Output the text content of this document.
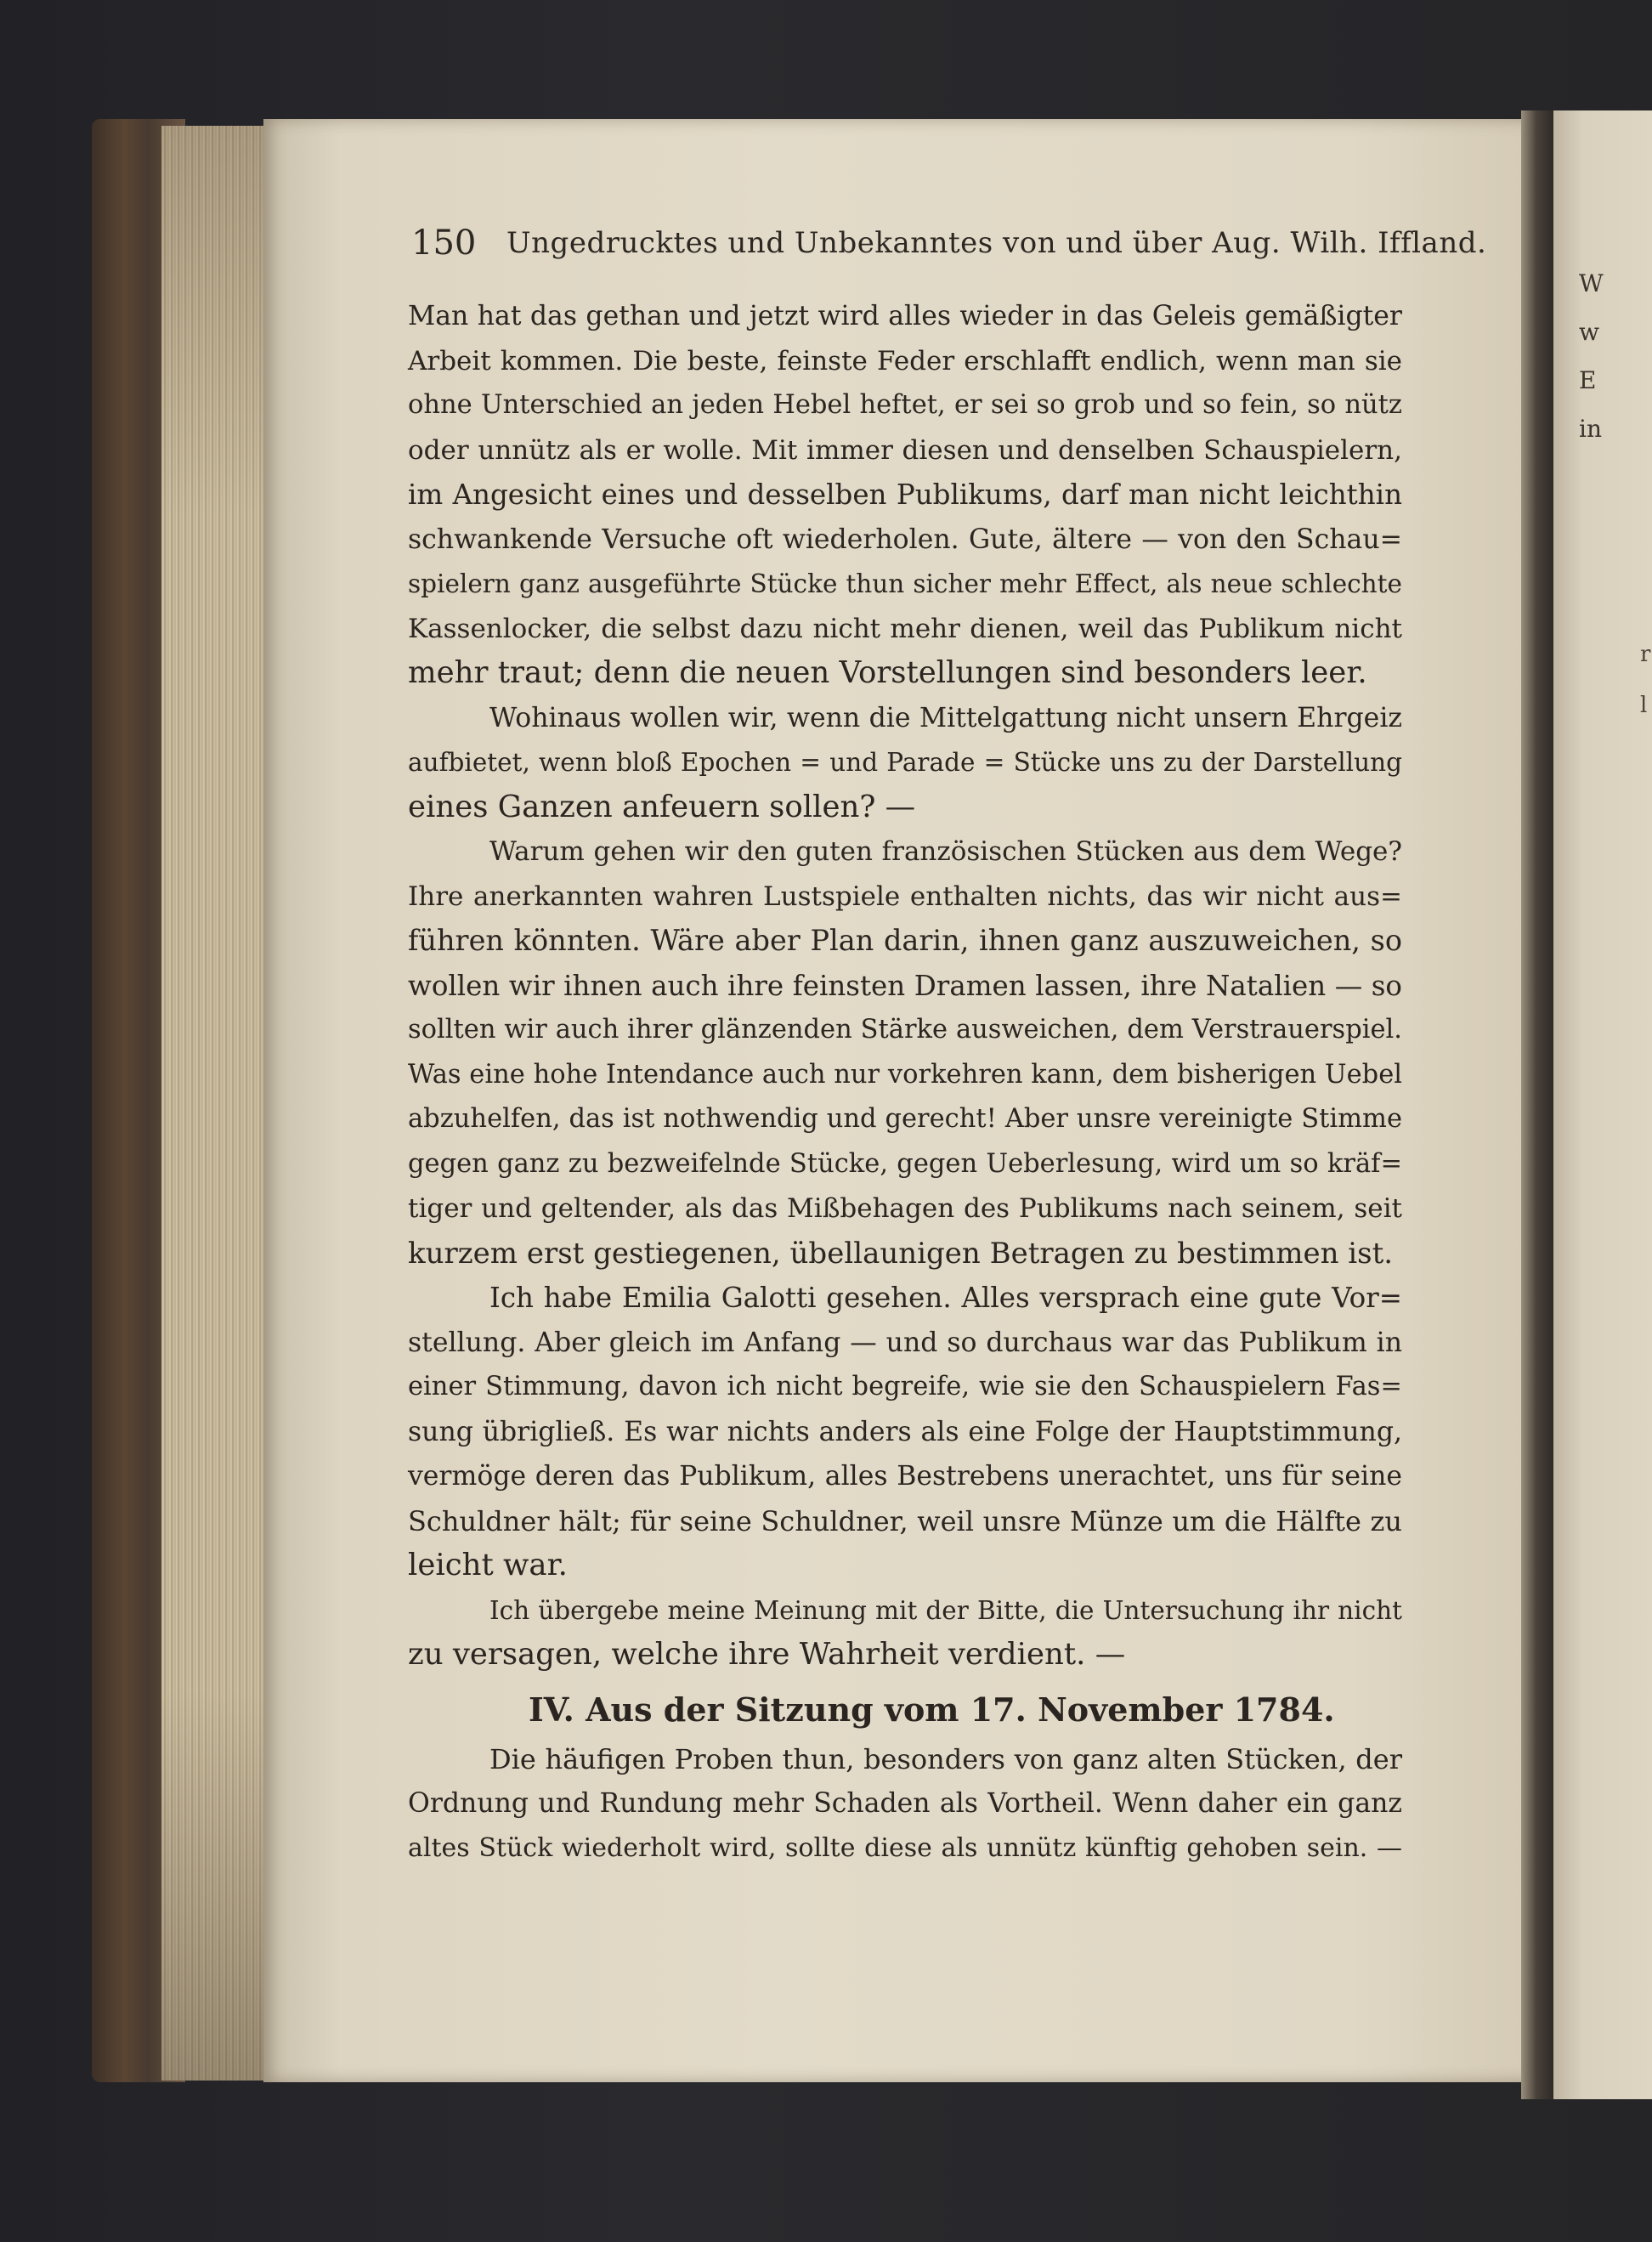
W
w
E
in
r
l
150 Ungedrucktes und Unbekanntes von und über Aug. Wilh. Iffland.
Man hat das gethan und jetzt wird alles wieder in das Geleis gemäßigter
Arbeit kommen. Die beste, feinste Feder erschlafft endlich, wenn man sie
ohne Unterschied an jeden Hebel heftet, er sei so grob und so fein, so nütz
oder unnütz als er wolle. Mit immer diesen und denselben Schauspielern,
im Angesicht eines und desselben Publikums, darf man nicht leichthin
schwankende Versuche oft wiederholen. Gute, ältere — von den Schau=
spielern ganz ausgeführte Stücke thun sicher mehr Effect, als neue schlechte
Kassenlocker, die selbst dazu nicht mehr dienen, weil das Publikum nicht
mehr traut; denn die neuen Vorstellungen sind besonders leer.
Wohinaus wollen wir, wenn die Mittelgattung nicht unsern Ehrgeiz
aufbietet, wenn bloß Epochen = und Parade = Stücke uns zu der Darstellung
eines Ganzen anfeuern sollen? —
Warum gehen wir den guten französischen Stücken aus dem Wege?
Ihre anerkannten wahren Lustspiele enthalten nichts, das wir nicht aus=
führen könnten. Wäre aber Plan darin, ihnen ganz auszuweichen, so
wollen wir ihnen auch ihre feinsten Dramen lassen, ihre Natalien — so
sollten wir auch ihrer glänzenden Stärke ausweichen, dem Verstrauerspiel.
Was eine hohe Intendance auch nur vorkehren kann, dem bisherigen Uebel
abzuhelfen, das ist nothwendig und gerecht! Aber unsre vereinigte Stimme
gegen ganz zu bezweifelnde Stücke, gegen Ueberlesung, wird um so kräf=
tiger und geltender, als das Mißbehagen des Publikums nach seinem, seit
kurzem erst gestiegenen, übellaunigen Betragen zu bestimmen ist.
Ich habe Emilia Galotti gesehen. Alles versprach eine gute Vor=
stellung. Aber gleich im Anfang — und so durchaus war das Publikum in
einer Stimmung, davon ich nicht begreife, wie sie den Schauspielern Fas=
sung übrigließ. Es war nichts anders als eine Folge der Hauptstimmung,
vermöge deren das Publikum, alles Bestrebens unerachtet, uns für seine
Schuldner hält; für seine Schuldner, weil unsre Münze um die Hälfte zu
leicht war.
Ich übergebe meine Meinung mit der Bitte, die Untersuchung ihr nicht
zu versagen, welche ihre Wahrheit verdient. —
IV. Aus der Sitzung vom 17. November 1784.
Die häufigen Proben thun, besonders von ganz alten Stücken, der
Ordnung und Rundung mehr Schaden als Vortheil. Wenn daher ein ganz
altes Stück wiederholt wird, sollte diese als unnütz künftig gehoben sein. —
